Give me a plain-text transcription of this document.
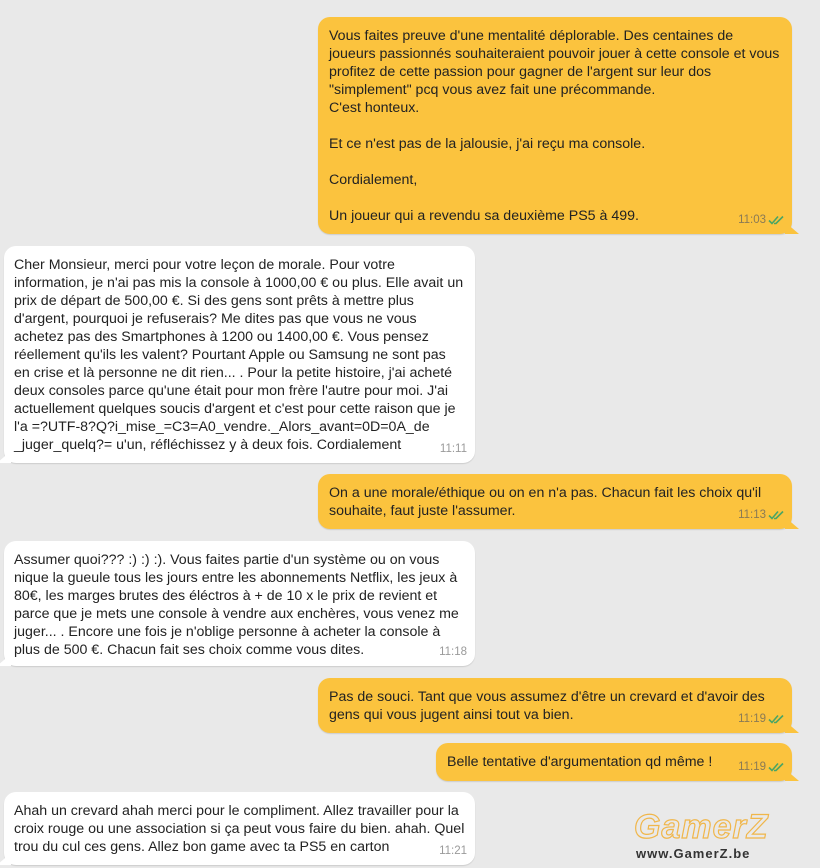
Vous faites preuve d'une mentalité déplorable. Des centaines de joueurs passionnés souhaiteraient pouvoir jouer à cette console et vous profitez de cette passion pour gagner de l'argent sur leur dos "simplement" pcq vous avez fait une précommande.
C'est honteux.

Et ce n'est pas de la jalousie, j'ai reçu ma console.

Cordialement,

Un joueur qui a revendu sa deuxième PS5 à 499.	11:03
Cher Monsieur, merci pour votre leçon de morale. Pour votre information, je n'ai pas mis la console à 1000,00 € ou plus. Elle avait un prix de départ de 500,00 €. Si des gens sont prêts à mettre plus d'argent, pourquoi je refuserais? Me dites pas que vous ne vous achetez pas des Smartphones à 1200 ou 1400,00 €. Vous pensez réellement qu'ils les valent? Pourtant Apple ou Samsung ne sont pas en crise et là personne ne dit rien... . Pour la petite histoire, j'ai acheté deux consoles parce qu'une était pour mon frère l'autre pour moi. J'ai actuellement quelques soucis d'argent et c'est pour cette raison que je l'a =?UTF-8?Q?i_mise_=C3=A0_vendre._Alors_avant=0D=0A_de _juger_quelq?= u'un, réfléchissez y à deux fois. Cordialement	11:11
On a une morale/éthique ou on en n'a pas. Chacun fait les choix qu'il souhaite, faut juste l'assumer.	11:13
Assumer quoi??? :) :) :). Vous faites partie d'un système ou on vous nique la gueule tous les jours entre les abonnements Netflix, les jeux à 80€, les marges brutes des éléctros à + de 10 x le prix de revient et parce que je mets une console à vendre aux enchères, vous venez me juger... . Encore une fois je n'oblige personne à acheter la console à plus de 500 €. Chacun fait ses choix comme vous dites.	11:18
Pas de souci. Tant que vous assumez d'être un crevard et d'avoir des gens qui vous jugent ainsi tout va bien.	11:19
Belle tentative d'argumentation qd même !	11:19
Ahah un crevard ahah merci pour le compliment. Allez travailler pour la croix rouge ou une association si ça peut vous faire du bien. ahah. Quel trou du cul ces gens. Allez bon game avec ta PS5 en carton	11:21
GamerZ
www.GamerZ.be
